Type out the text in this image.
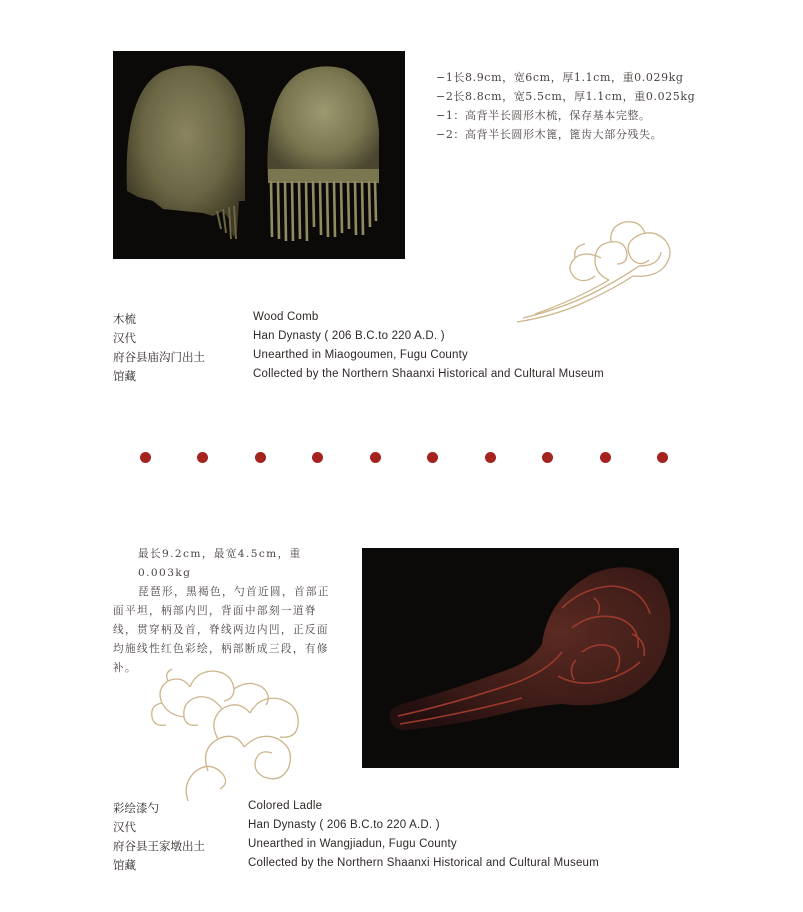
−1长8.9cm，宽6cm，厚1.1cm，重0.029kg
−2长8.8cm，宽5.5cm，厚1.1cm，重0.025kg
−1：高背半长圆形木梳，保存基本完整。
−2：高背半长圆形木篦，篦齿大部分残失。
木梳
汉代
府谷县庙沟门出土
馆藏
Wood Comb
Han Dynasty ( 206 B.C.to 220 A.D. )
Unearthed in Miaogoumen, Fugu County
Collected by the Northern Shaanxi Historical and Cultural Museum
最长9.2cm，最宽4.5cm，重0.003kg
琵琶形，黑褐色，勺首近圆，首部正
面平坦，柄部内凹，背面中部刻一道脊
线，贯穿柄及首，脊线两边内凹，正反面
均施线性红色彩绘，柄部断成三段，有修
补。
彩绘漆勺
汉代
府谷县王家墩出土
馆藏
Colored Ladle
Han Dynasty ( 206 B.C.to 220 A.D. )
Unearthed in Wangjiadun, Fugu County
Collected by the Northern Shaanxi Historical and Cultural Museum
